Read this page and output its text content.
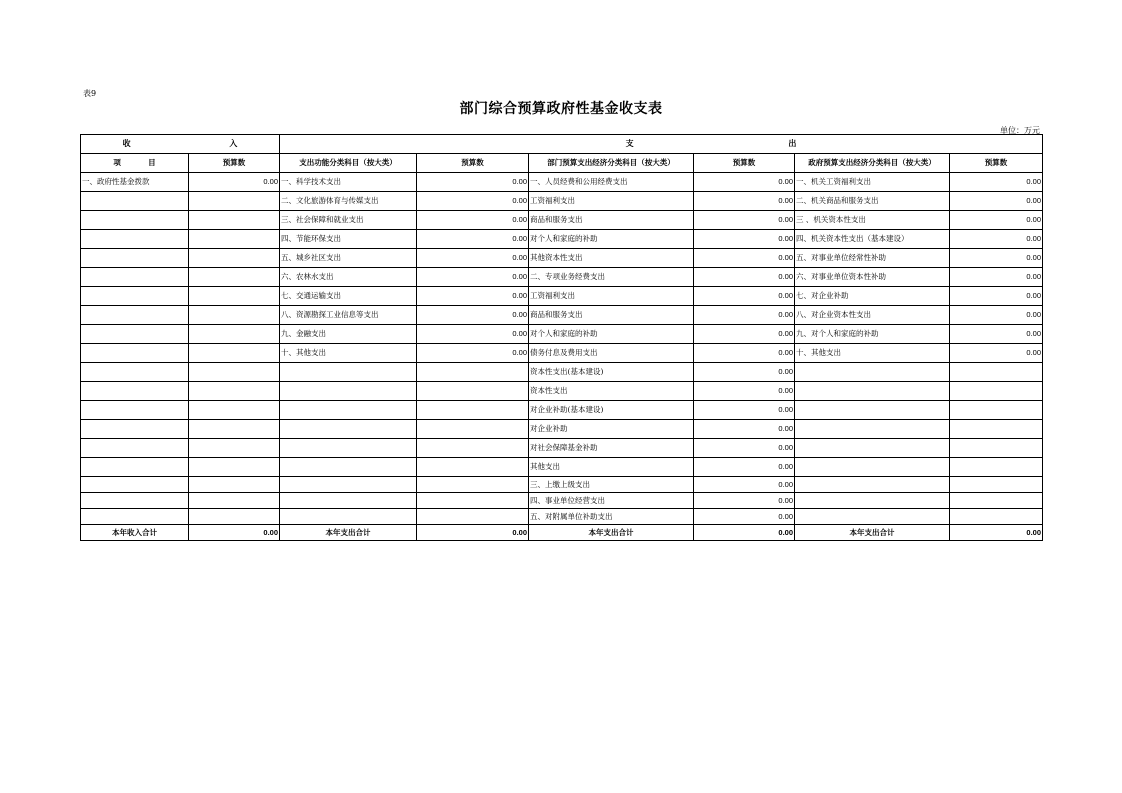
表9
部门综合预算政府性基金收支表
单位：万元
收 入		支 出					
项 目	预算数	支出功能分类科目（按大类）	预算数	部门预算支出经济分类科目（按大类）	预算数	政府预算支出经济分类科目（按大类）	预算数
一、政府性基金拨款	0.00	一、科学技术支出	0.00	一、人员经费和公用经费支出	0.00	一、机关工资福利支出	0.00
		二、文化旅游体育与传媒支出	0.00	工资福利支出	0.00	二、机关商品和服务支出	0.00
		三、社会保障和就业支出	0.00	商品和服务支出	0.00	三 、机关资本性支出	0.00
		四、节能环保支出	0.00	对个人和家庭的补助	0.00	四、机关资本性支出（基本建设）	0.00
		五、城乡社区支出	0.00	其他资本性支出	0.00	五、对事业单位经常性补助	0.00
		六、农林水支出	0.00	二、专项业务经费支出	0.00	六、对事业单位资本性补助	0.00
		七、交通运输支出	0.00	工资福利支出	0.00	七、对企业补助	0.00
		八、资源勘探工业信息等支出	0.00	商品和服务支出	0.00	八、对企业资本性支出	0.00
		九、金融支出	0.00	对个人和家庭的补助	0.00	九、对个人和家庭的补助	0.00
		十、其他支出	0.00	债务付息及费用支出	0.00	十、其他支出	0.00
				资本性支出(基本建设)	0.00		
				资本性支出	0.00		
				对企业补助(基本建设)	0.00		
				对企业补助	0.00		
				对社会保障基金补助	0.00		
				其他支出	0.00		
				三、上缴上级支出	0.00		
				四、事业单位经营支出	0.00		
				五、对附属单位补助支出	0.00		
本年收入合计	0.00	本年支出合计	0.00	本年支出合计	0.00	本年支出合计	0.00
